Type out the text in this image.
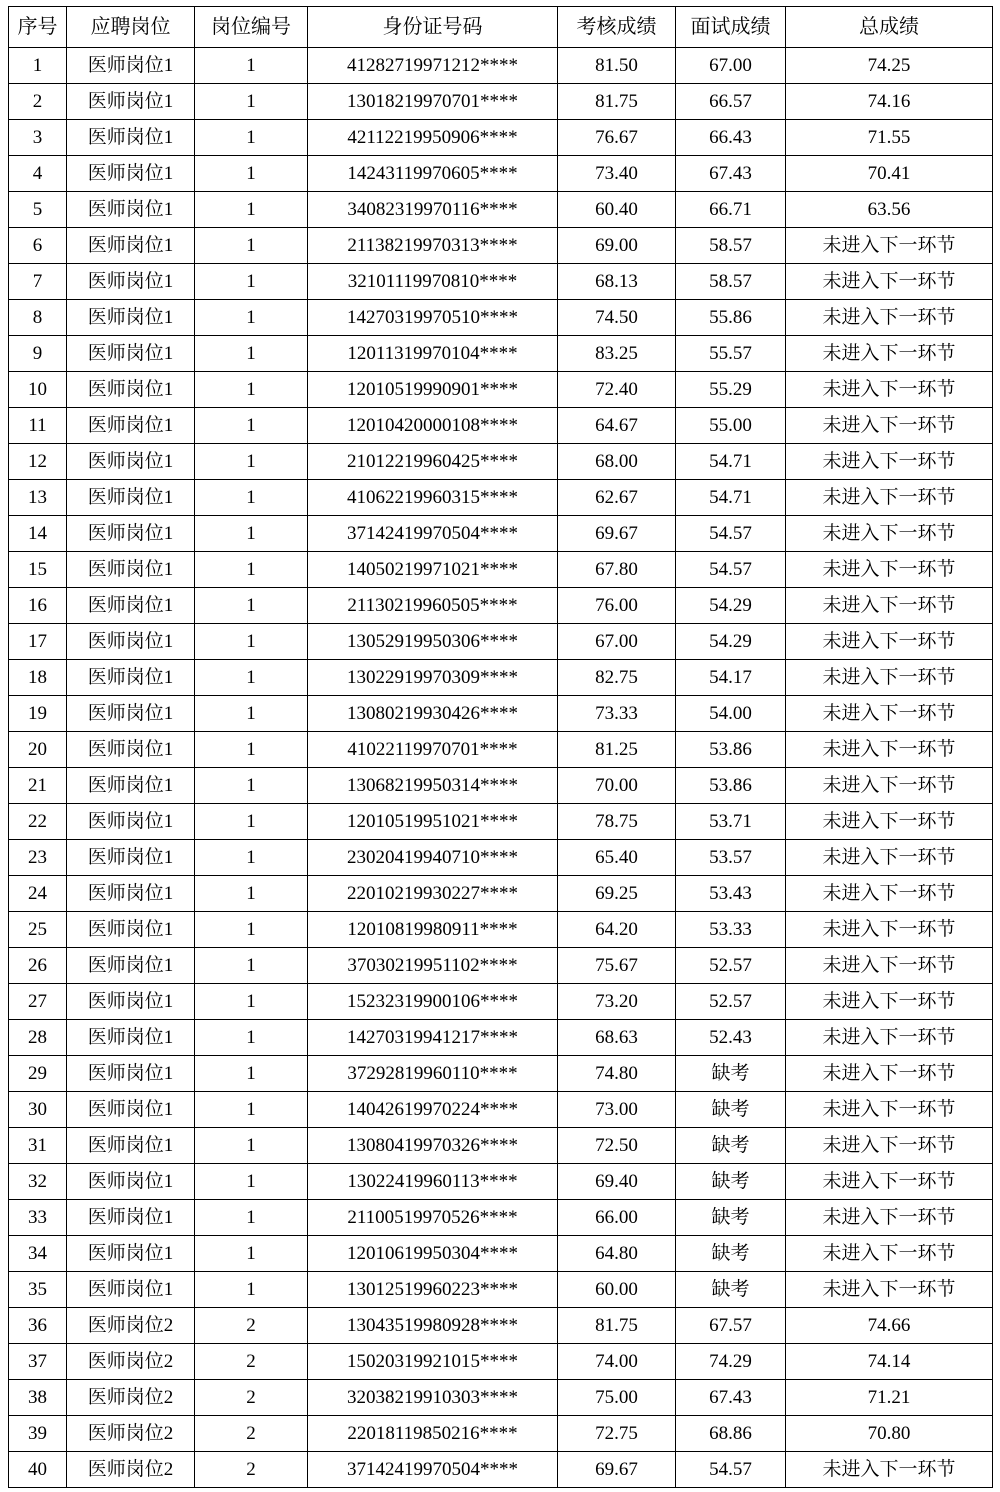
序号	应聘岗位	岗位编号	身份证号码	考核成绩	面试成绩	总成绩
1	医师岗位1	1	41282719971212****	81.50	67.00	74.25
2	医师岗位1	1	13018219970701****	81.75	66.57	74.16
3	医师岗位1	1	42112219950906****	76.67	66.43	71.55
4	医师岗位1	1	14243119970605****	73.40	67.43	70.41
5	医师岗位1	1	34082319970116****	60.40	66.71	63.56
6	医师岗位1	1	21138219970313****	69.00	58.57	未进入下一环节
7	医师岗位1	1	32101119970810****	68.13	58.57	未进入下一环节
8	医师岗位1	1	14270319970510****	74.50	55.86	未进入下一环节
9	医师岗位1	1	12011319970104****	83.25	55.57	未进入下一环节
10	医师岗位1	1	12010519990901****	72.40	55.29	未进入下一环节
11	医师岗位1	1	12010420000108****	64.67	55.00	未进入下一环节
12	医师岗位1	1	21012219960425****	68.00	54.71	未进入下一环节
13	医师岗位1	1	41062219960315****	62.67	54.71	未进入下一环节
14	医师岗位1	1	37142419970504****	69.67	54.57	未进入下一环节
15	医师岗位1	1	14050219971021****	67.80	54.57	未进入下一环节
16	医师岗位1	1	21130219960505****	76.00	54.29	未进入下一环节
17	医师岗位1	1	13052919950306****	67.00	54.29	未进入下一环节
18	医师岗位1	1	13022919970309****	82.75	54.17	未进入下一环节
19	医师岗位1	1	13080219930426****	73.33	54.00	未进入下一环节
20	医师岗位1	1	41022119970701****	81.25	53.86	未进入下一环节
21	医师岗位1	1	13068219950314****	70.00	53.86	未进入下一环节
22	医师岗位1	1	12010519951021****	78.75	53.71	未进入下一环节
23	医师岗位1	1	23020419940710****	65.40	53.57	未进入下一环节
24	医师岗位1	1	22010219930227****	69.25	53.43	未进入下一环节
25	医师岗位1	1	12010819980911****	64.20	53.33	未进入下一环节
26	医师岗位1	1	37030219951102****	75.67	52.57	未进入下一环节
27	医师岗位1	1	15232319900106****	73.20	52.57	未进入下一环节
28	医师岗位1	1	14270319941217****	68.63	52.43	未进入下一环节
29	医师岗位1	1	37292819960110****	74.80	缺考	未进入下一环节
30	医师岗位1	1	14042619970224****	73.00	缺考	未进入下一环节
31	医师岗位1	1	13080419970326****	72.50	缺考	未进入下一环节
32	医师岗位1	1	13022419960113****	69.40	缺考	未进入下一环节
33	医师岗位1	1	21100519970526****	66.00	缺考	未进入下一环节
34	医师岗位1	1	12010619950304****	64.80	缺考	未进入下一环节
35	医师岗位1	1	13012519960223****	60.00	缺考	未进入下一环节
36	医师岗位2	2	13043519980928****	81.75	67.57	74.66
37	医师岗位2	2	15020319921015****	74.00	74.29	74.14
38	医师岗位2	2	32038219910303****	75.00	67.43	71.21
39	医师岗位2	2	22018119850216****	72.75	68.86	70.80
40	医师岗位2	2	37142419970504****	69.67	54.57	未进入下一环节
